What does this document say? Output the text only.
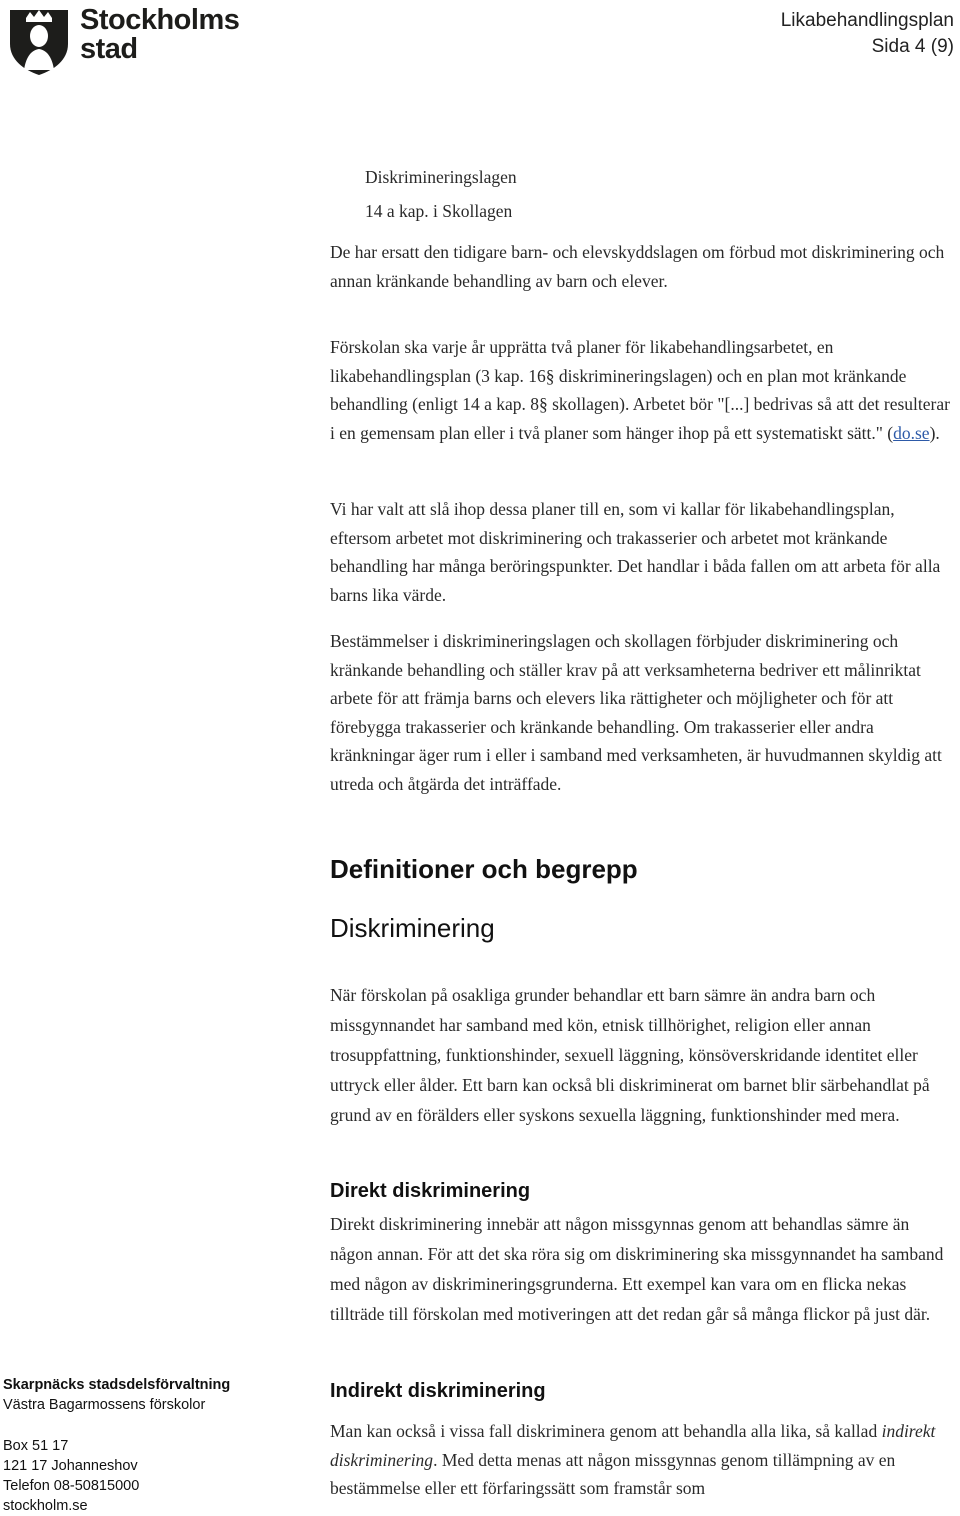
Stockholms
stad
Likabehandlingsplan
Sida 4 (9)

Diskrimineringslagen

14 a kap. i Skollagen

De har ersatt den tidigare barn- och elevskyddslagen om förbud mot diskriminering och annan kränkande behandling av barn och elever.

Förskolan ska varje år upprätta två planer för likabehandlingsarbetet, en likabehandlingsplan (3 kap. 16§ diskrimineringslagen) och en plan mot kränkande behandling (enligt 14 a kap. 8§ skollagen). Arbetet bör "[...] bedrivas så att det resulterar i en gemensam plan eller i två planer som hänger ihop på ett systematiskt sätt." (do.se).

Vi har valt att slå ihop dessa planer till en, som vi kallar för likabehandlingsplan, eftersom arbetet mot diskriminering och trakasserier och arbetet mot kränkande behandling har många beröringspunkter. Det handlar i båda fallen om att arbeta för alla barns lika värde.

Bestämmelser i diskrimineringslagen och skollagen förbjuder diskriminering och kränkande behandling och ställer krav på att verksamheterna bedriver ett målinriktat arbete för att främja barns och elevers lika rättigheter och möjligheter och för att förebygga trakasserier och kränkande behandling. Om trakasserier eller andra kränkningar äger rum i eller i samband med verksamheten, är huvudmannen skyldig att utreda och åtgärda det inträffade.

Definitioner och begrepp
Diskriminering

När förskolan på osakliga grunder behandlar ett barn sämre än andra barn och missgynnandet har samband med kön, etnisk tillhörighet, religion eller annan trosuppfattning, funktionshinder, sexuell läggning, könsöverskridande identitet eller uttryck eller ålder. Ett barn kan också bli diskriminerat om barnet blir särbehandlat på grund av en förälders eller syskons sexuella läggning, funktionshinder med mera.

Direkt diskriminering

Direkt diskriminering innebär att någon missgynnas genom att behandlas sämre än någon annan. För att det ska röra sig om diskriminering ska missgynnandet ha samband med någon av diskrimineringsgrunderna. Ett exempel kan vara om en flicka nekas tillträde till förskolan med motiveringen att det redan går så många flickor på just där.

Indirekt diskriminering

Man kan också i vissa fall diskriminera genom att behandla alla lika, så kallad indirekt diskriminering. Med detta menas att någon missgynnas genom tillämpning av en bestämmelse eller ett förfaringssätt som framstår som

Skarpnäcks stadsdelsförvaltning
Västra Bagarmossens förskolor
Box 51 17
121 17 Johanneshov
Telefon 08-50815000
stockholm.se
